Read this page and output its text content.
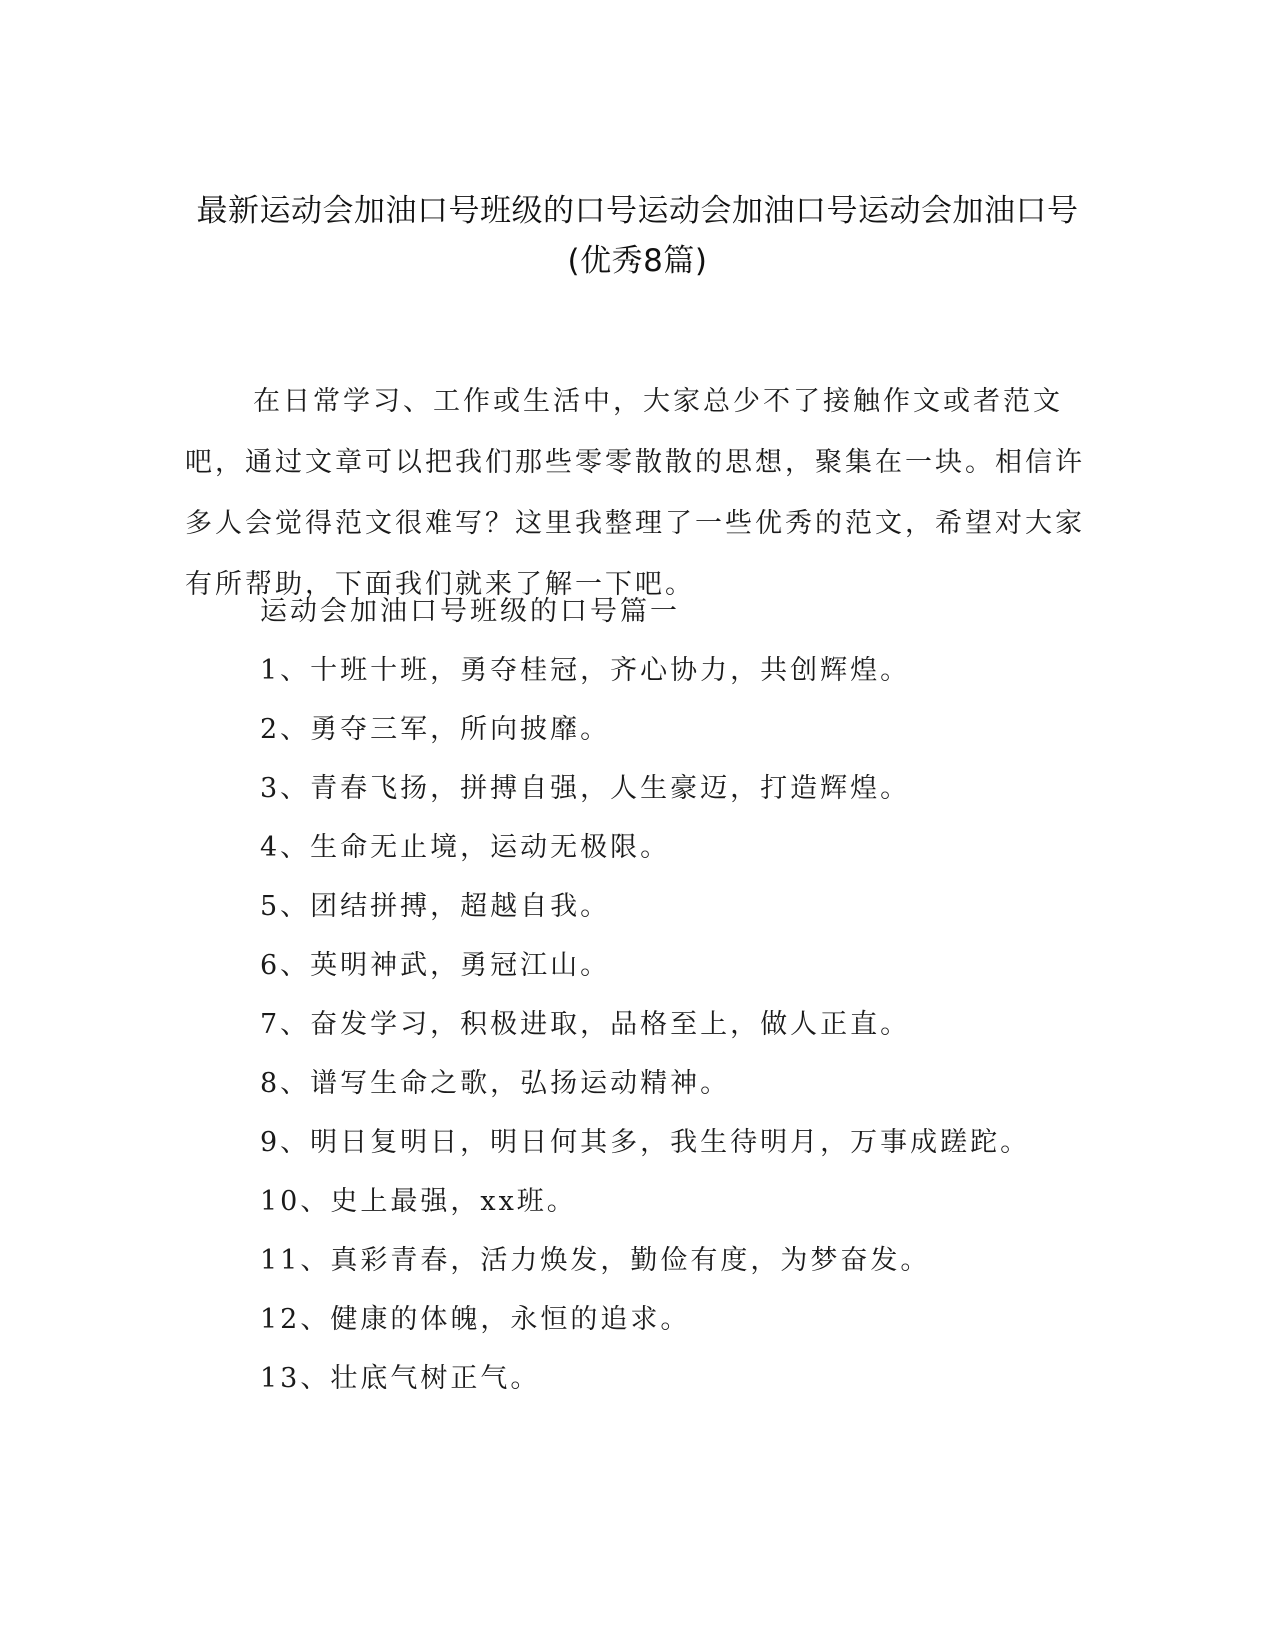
最新运动会加油口号班级的口号运动会加油口号运动会加油口号(优秀8篇)

在日常学习、工作或生活中，大家总少不了接触作文或者范文吧，通过文章可以把我们那些零零散散的思想，聚集在一块。相信许多人会觉得范文很难写？这里我整理了一些优秀的范文，希望对大家有所帮助，下面我们就来了解一下吧。

运动会加油口号班级的口号篇一

1、十班十班，勇夺桂冠，齐心协力，共创辉煌。

2、勇夺三军，所向披靡。

3、青春飞扬，拼搏自强，人生豪迈，打造辉煌。

4、生命无止境，运动无极限。

5、团结拼搏，超越自我。

6、英明神武，勇冠江山。

7、奋发学习，积极进取，品格至上，做人正直。

8、谱写生命之歌，弘扬运动精神。

9、明日复明日，明日何其多，我生待明月，万事成蹉跎。

10、史上最强，xx班。

11、真彩青春，活力焕发，勤俭有度，为梦奋发。

12、健康的体魄，永恒的追求。

13、壮底气树正气。
